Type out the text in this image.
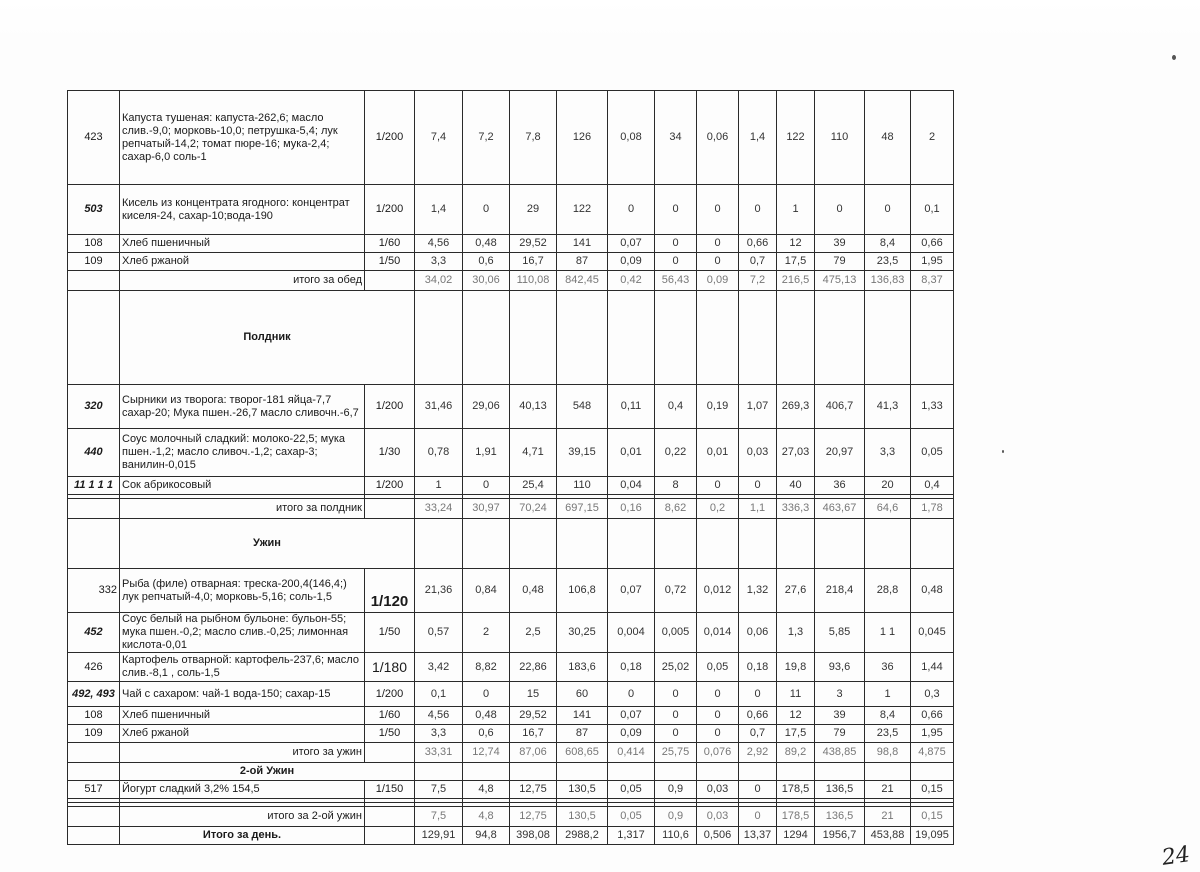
423	Капуста тушеная: капуста-262,6; масло слив.-9,0; морковь-10,0; петрушка-5,4; лук репчатый-14,2; томат пюре-16; мука-2,4; сахар-6,0 соль-1	1/200	7,4	7,2	7,8	126	0,08	34	0,06	1,4	122	110	48	2
503	Кисель из концентрата ягодного: концентрат киселя-24, сахар-10;вода-190	1/200	1,4	0	29	122	0	0	0	0	1	0	0	0,1
108	Хлеб пшеничный	1/60	4,56	0,48	29,52	141	0,07	0	0	0,66	12	39	8,4	0,66
109	Хлеб ржаной	1/50	3,3	0,6	16,7	87	0,09	0	0	0,7	17,5	79	23,5	1,95
	итого за обед		34,02	30,06	110,08	842,45	0,42	56,43	0,09	7,2	216,5	475,13	136,83	8,37
	Полдник													
320	Сырники из творога: творог-181 яйца-7,7 сахар-20; Мука пшен.-26,7 масло сливочн.-6,7	1/200	31,46	29,06	40,13	548	0,11	0,4	0,19	1,07	269,3	406,7	41,3	1,33
440	Соус молочный сладкий: молоко-22,5; мука пшен.-1,2; масло сливоч.-1,2; сахар-3; ванилин-0,015	1/30	0,78	1,91	4,71	39,15	0,01	0,22	0,01	0,03	27,03	20,97	3,3	0,05
11 1 1 1	Сок абрикосовый	1/200	1	0	25,4	110	0,04	8	0	0	40	36	20	0,4

	итого за полдник		33,24	30,97	70,24	697,15	0,16	8,62	0,2	1,1	336,3	463,67	64,6	1,78
	Ужин													
332	Рыба (филе) отварная: треска-200,4(146,4;) лук репчатый-4,0; морковь-5,16; соль-1,5	1/120	21,36	0,84	0,48	106,8	0,07	0,72	0,012	1,32	27,6	218,4	28,8	0,48
452	Соус белый на рыбном бульоне: бульон-55; мука пшен.-0,2; масло слив.-0,25; лимонная кислота-0,01	1/50	0,57	2	2,5	30,25	0,004	0,005	0,014	0,06	1,3	5,85	1 1	0,045
426	Картофель отварной: картофель-237,6; масло слив.-8,1 , соль-1,5	1/180	3,42	8,82	22,86	183,6	0,18	25,02	0,05	0,18	19,8	93,6	36	1,44
492, 493	Чай с сахаром: чай-1 вода-150; сахар-15	1/200	0,1	0	15	60	0	0	0	0	11	3	1	0,3
108	Хлеб пшеничный	1/60	4,56	0,48	29,52	141	0,07	0	0	0,66	12	39	8,4	0,66
109	Хлеб ржаной	1/50	3,3	0,6	16,7	87	0,09	0	0	0,7	17,5	79	23,5	1,95
	итого за ужин		33,31	12,74	87,06	608,65	0,414	25,75	0,076	2,92	89,2	438,85	98,8	4,875
	2-ой Ужин													
517	Йогурт сладкий 3,2% 154,5	1/150	7,5	4,8	12,75	130,5	0,05	0,9	0,03	0	178,5	136,5	21	0,15

	итого за 2-ой ужин		7,5	4,8	12,75	130,5	0,05	0,9	0,03	0	178,5	136,5	21	0,15
	Итого за день.		129,91	94,8	398,08	2988,2	1,317	110,6	0,506	13,37	1294	1956,7	453,88	19,095
24
